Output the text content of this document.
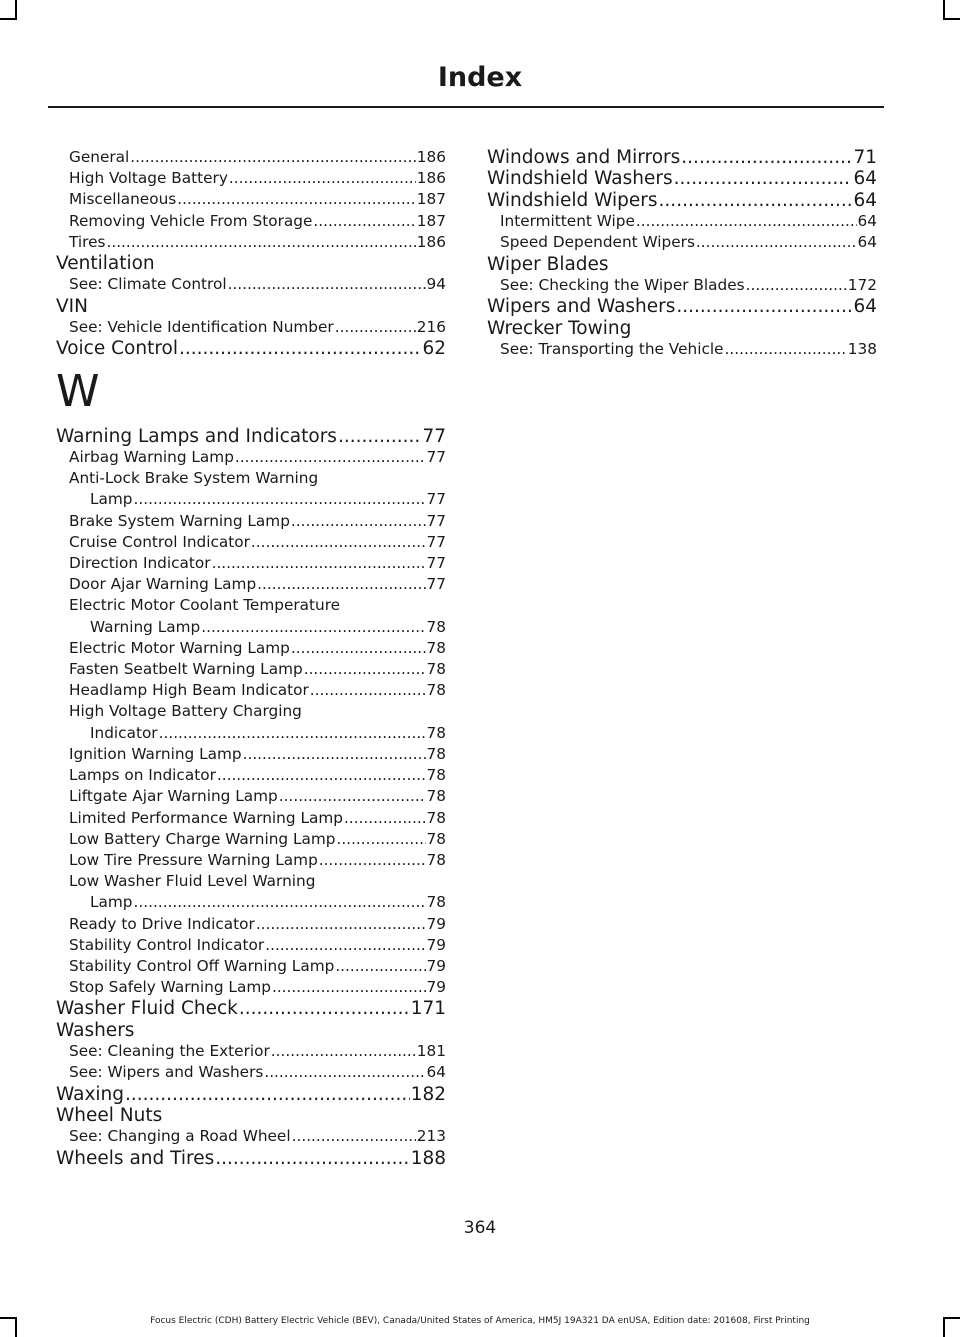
Index
General .....	186
High Voltage Battery .....	186
Miscellaneous .....	187
Removing Vehicle From Storage .....	187
Tires .....	186
Ventilation
See: Climate Control .....	94
VIN
See: Vehicle Identification Number .....	216
Voice Control .....	62
W
Warning Lamps and Indicators .....	77
Airbag Warning Lamp .....	77
Anti-Lock Brake System Warning
Lamp .....	77
Brake System Warning Lamp .....	77
Cruise Control Indicator .....	77
Direction Indicator .....	77
Door Ajar Warning Lamp .....	77
Electric Motor Coolant Temperature
Warning Lamp .....	78
Electric Motor Warning Lamp .....	78
Fasten Seatbelt Warning Lamp .....	78
Headlamp High Beam Indicator .....	78
High Voltage Battery Charging
Indicator .....	78
Ignition Warning Lamp .....	78
Lamps on Indicator .....	78
Liftgate Ajar Warning Lamp .....	78
Limited Performance Warning Lamp .....	78
Low Battery Charge Warning Lamp .....	78
Low Tire Pressure Warning Lamp .....	78
Low Washer Fluid Level Warning
Lamp .....	78
Ready to Drive Indicator .....	79
Stability Control Indicator .....	79
Stability Control Off Warning Lamp .....	79
Stop Safely Warning Lamp .....	79
Washer Fluid Check .....	171
Washers
See: Cleaning the Exterior .....	181
See: Wipers and Washers .....	64
Waxing .....	182
Wheel Nuts
See: Changing a Road Wheel .....	213
Wheels and Tires .....	188
Windows and Mirrors .....	71
Windshield Washers .....	64
Windshield Wipers .....	64
Intermittent Wipe .....	64
Speed Dependent Wipers .....	64
Wiper Blades
See: Checking the Wiper Blades .....	172
Wipers and Washers .....	64
Wrecker Towing
See: Transporting the Vehicle .....	138
364
Focus Electric (CDH) Battery Electric Vehicle (BEV), Canada/United States of America, HM5J 19A321 DA enUSA, Edition date: 201608, First Printing
